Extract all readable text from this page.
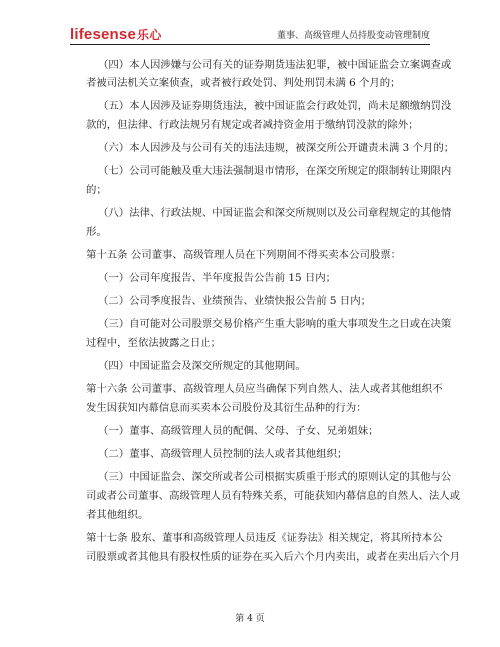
lifesense乐心	董事、高级管理人员持股变动管理制度
（四）本人因涉嫌与公司有关的证券期货违法犯罪，被中国证监会立案调查或
者被司法机关立案侦查，或者被行政处罚、判处刑罚未满 6 个月的；
（五）本人因涉及证券期货违法，被中国证监会行政处罚，尚未足额缴纳罚没
款的，但法律、行政法规另有规定或者减持资金用于缴纳罚没款的除外；
（六）本人因涉及与公司有关的违法违规，被深交所公开谴责未满 3 个月的；
（七）公司可能触及重大违法强制退市情形，在深交所规定的限制转让期限内
的；
（八）法律、行政法规、中国证监会和深交所规则以及公司章程规定的其他情
形。
第十五条 公司董事、高级管理人员在下列期间不得买卖本公司股票：
（一）公司年度报告、半年度报告公告前 15 日内；
（二）公司季度报告、业绩预告、业绩快报公告前 5 日内；
（三）自可能对公司股票交易价格产生重大影响的重大事项发生之日或在决策
过程中，至依法披露之日止；
（四）中国证监会及深交所规定的其他期间。
第十六条 公司董事、高级管理人员应当确保下列自然人、法人或者其他组织不
发生因获知内幕信息而买卖本公司股份及其衍生品种的行为：
（一）董事、高级管理人员的配偶、父母、子女、兄弟姐妹；
（二）董事、高级管理人员控制的法人或者其他组织；
（三）中国证监会、深交所或者公司根据实质重于形式的原则认定的其他与公
司或者公司董事、高级管理人员有特殊关系，可能获知内幕信息的自然人、法人或
者其他组织。
第十七条 股东、董事和高级管理人员违反《证券法》相关规定，将其所持本公
司股票或者其他具有股权性质的证券在买入后六个月内卖出，或者在卖出后六个月
第 4 页
